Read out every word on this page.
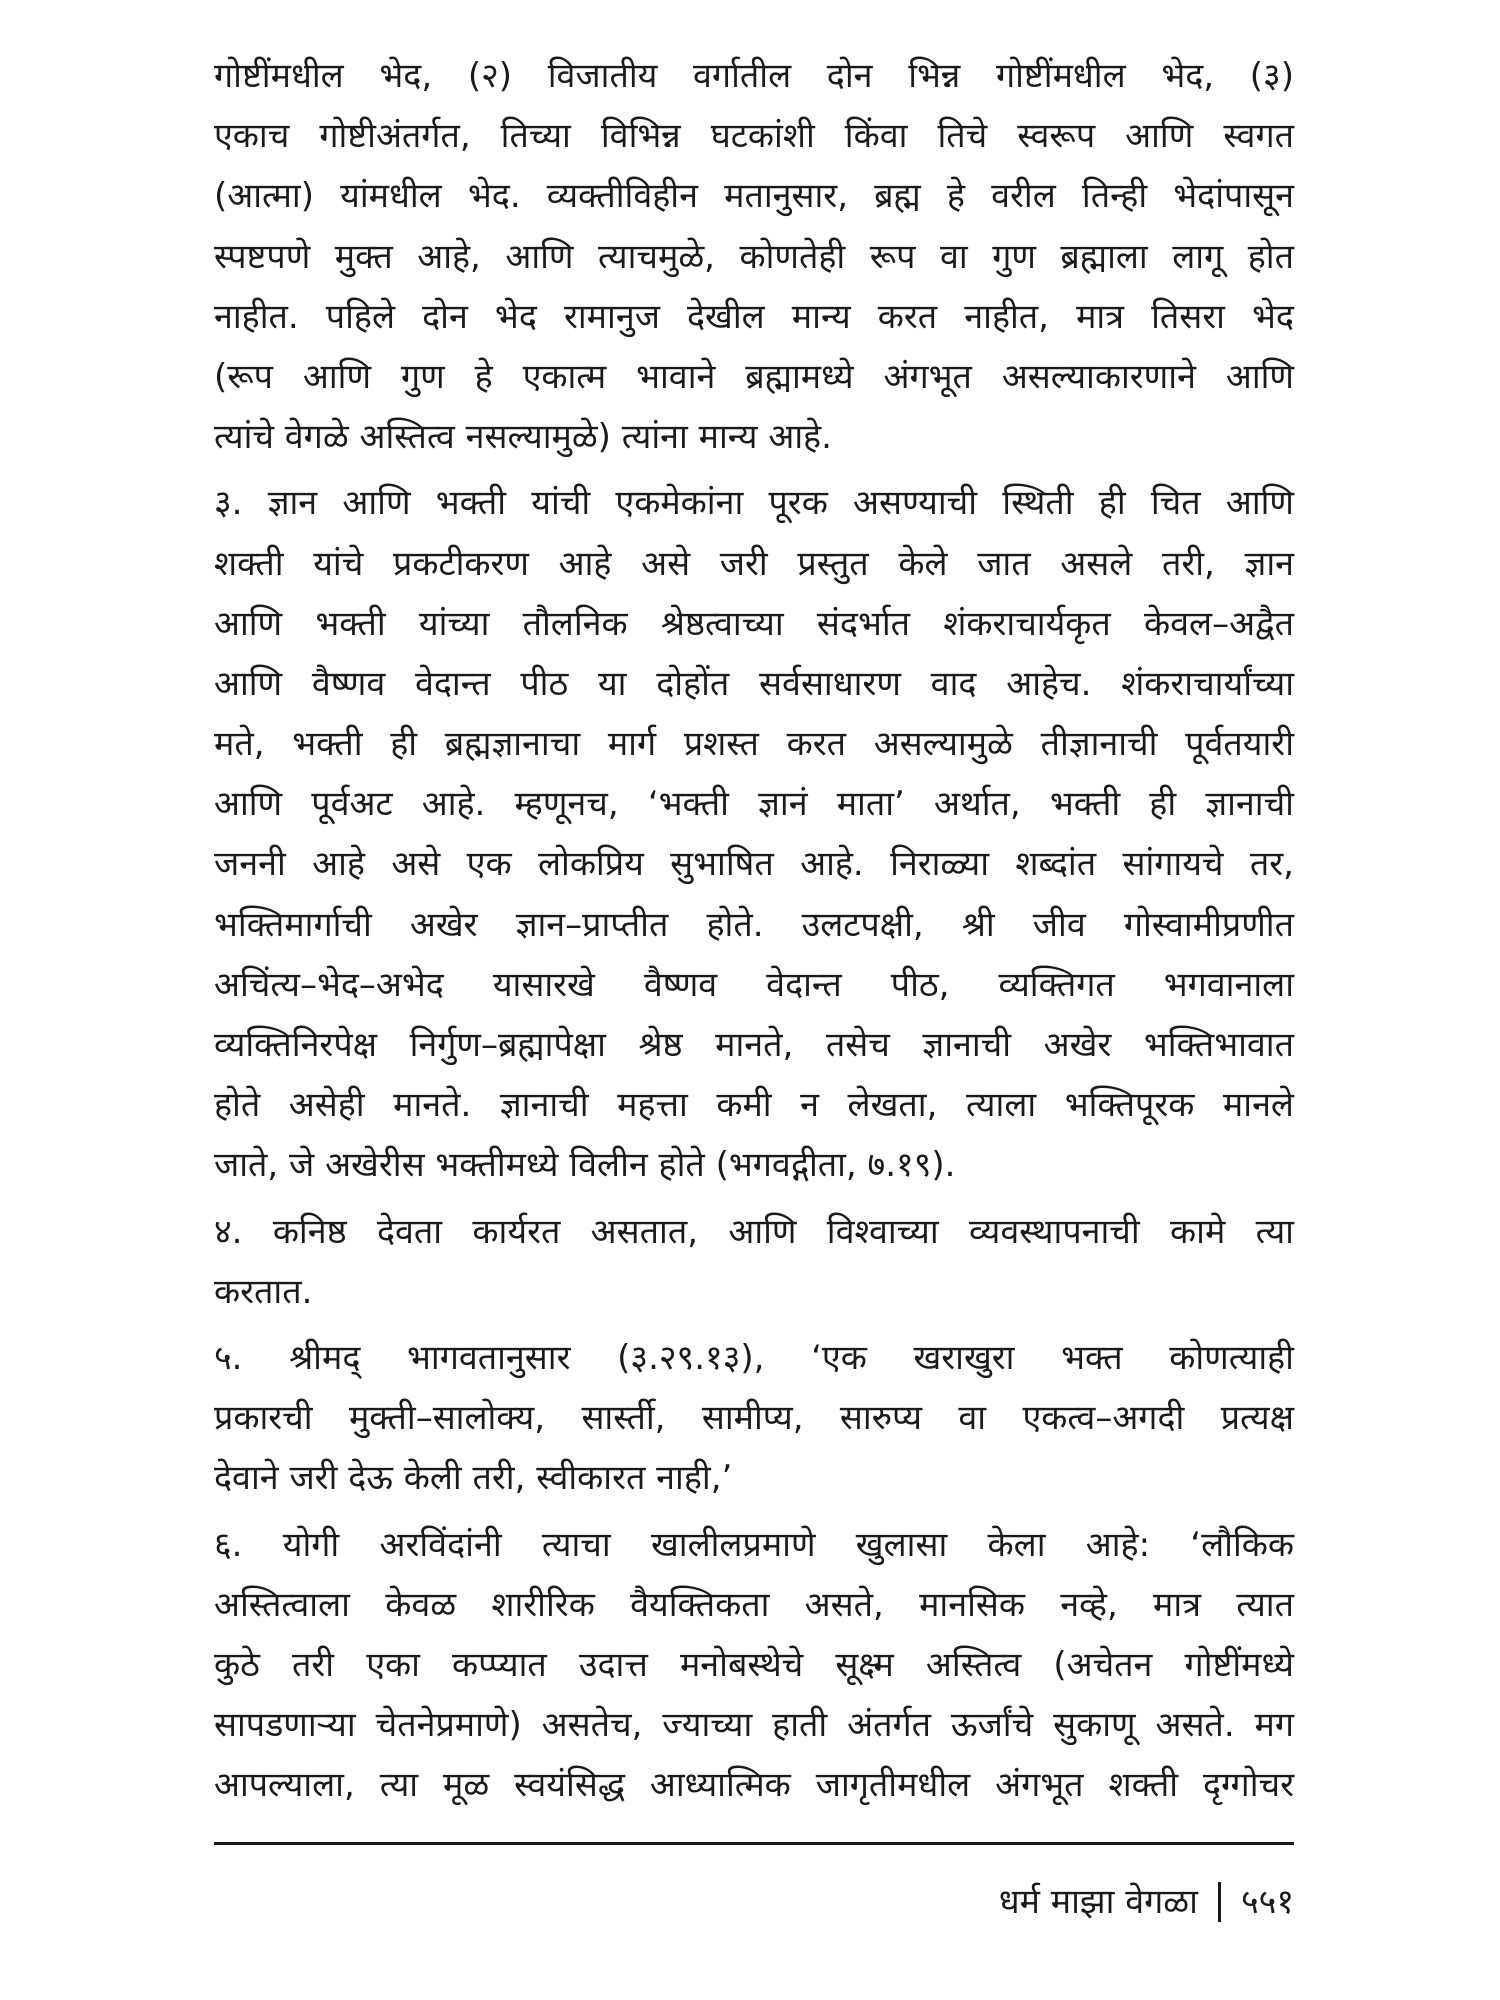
गोष्टींमधील भेद, (२) विजातीय वर्गातील दोन भिन्न गोष्टींमधील भेद, (३)
एकाच गोष्टीअंतर्गत, तिच्या विभिन्न घटकांशी किंवा तिचे स्वरूप आणि स्वगत
(आत्मा) यांमधील भेद. व्यक्तीविहीन मतानुसार, ब्रह्म हे वरील तिन्ही भेदांपासून
स्पष्टपणे मुक्त आहे, आणि त्याचमुळे, कोणतेही रूप वा गुण ब्रह्माला लागू होत
नाहीत. पहिले दोन भेद रामानुज देखील मान्य करत नाहीत, मात्र तिसरा भेद
(रूप आणि गुण हे एकात्म भावाने ब्रह्मामध्ये अंगभूत असल्याकारणाने आणि
त्यांचे वेगळे अस्तित्व नसल्यामुळे) त्यांना मान्य आहे.
३. ज्ञान आणि भक्ती यांची एकमेकांना पूरक असण्याची स्थिती ही चित आणि
शक्ती यांचे प्रकटीकरण आहे असे जरी प्रस्तुत केले जात असले तरी, ज्ञान
आणि भक्ती यांच्या तौलनिक श्रेष्ठत्वाच्या संदर्भात शंकराचार्यकृत केवल–अद्वैत
आणि वैष्णव वेदान्त पीठ या दोहोंत सर्वसाधारण वाद आहेच. शंकराचार्यांच्या
मते, भक्ती ही ब्रह्मज्ञानाचा मार्ग प्रशस्त करत असल्यामुळे तीज्ञानाची पूर्वतयारी
आणि पूर्वअट आहे. म्हणूनच, ‘भक्ती ज्ञानं माता’ अर्थात, भक्ती ही ज्ञानाची
जननी आहे असे एक लोकप्रिय सुभाषित आहे. निराळ्या शब्दांत सांगायचे तर,
भक्तिमार्गाची अखेर ज्ञान–प्राप्तीत होते. उलटपक्षी, श्री जीव गोस्वामीप्रणीत
अचिंत्य–भेद–अभेद यासारखे वैष्णव वेदान्त पीठ, व्यक्तिगत भगवानाला
व्यक्तिनिरपेक्ष निर्गुण–ब्रह्मापेक्षा श्रेष्ठ मानते, तसेच ज्ञानाची अखेर भक्तिभावात
होते असेही मानते. ज्ञानाची महत्ता कमी न लेखता, त्याला भक्तिपूरक मानले
जाते, जे अखेरीस भक्तीमध्ये विलीन होते (भगवद्गीता, ७.१९).
४. कनिष्ठ देवता कार्यरत असतात, आणि विश्वाच्या व्यवस्थापनाची कामे त्या
करतात.
५. श्रीमद् भागवतानुसार (३.२९.१३), ‘एक खराखुरा भक्त कोणत्याही
प्रकारची मुक्ती–सालोक्य, सार्स्ती, सामीप्य, सारुप्य वा एकत्व–अगदी प्रत्यक्ष
देवाने जरी देऊ केली तरी, स्वीकारत नाही,’
६. योगी अरविंदांनी त्याचा खालीलप्रमाणे खुलासा केला आहे: ‘लौकिक
अस्तित्वाला केवळ शारीरिक वैयक्तिकता असते, मानसिक नव्हे, मात्र त्यात
कुठे तरी एका कप्प्यात उदात्त मनोबस्थेचे सूक्ष्म अस्तित्व (अचेतन गोष्टींमध्ये
सापडणाऱ्या चेतनेप्रमाणे) असतेच, ज्याच्या हाती अंतर्गत ऊर्जांचे सुकाणू असते. मग
आपल्याला, त्या मूळ स्वयंसिद्ध आध्यात्मिक जागृतीमधील अंगभूत शक्ती दृग्गोचर
धर्म माझा वेगळा ५५१
